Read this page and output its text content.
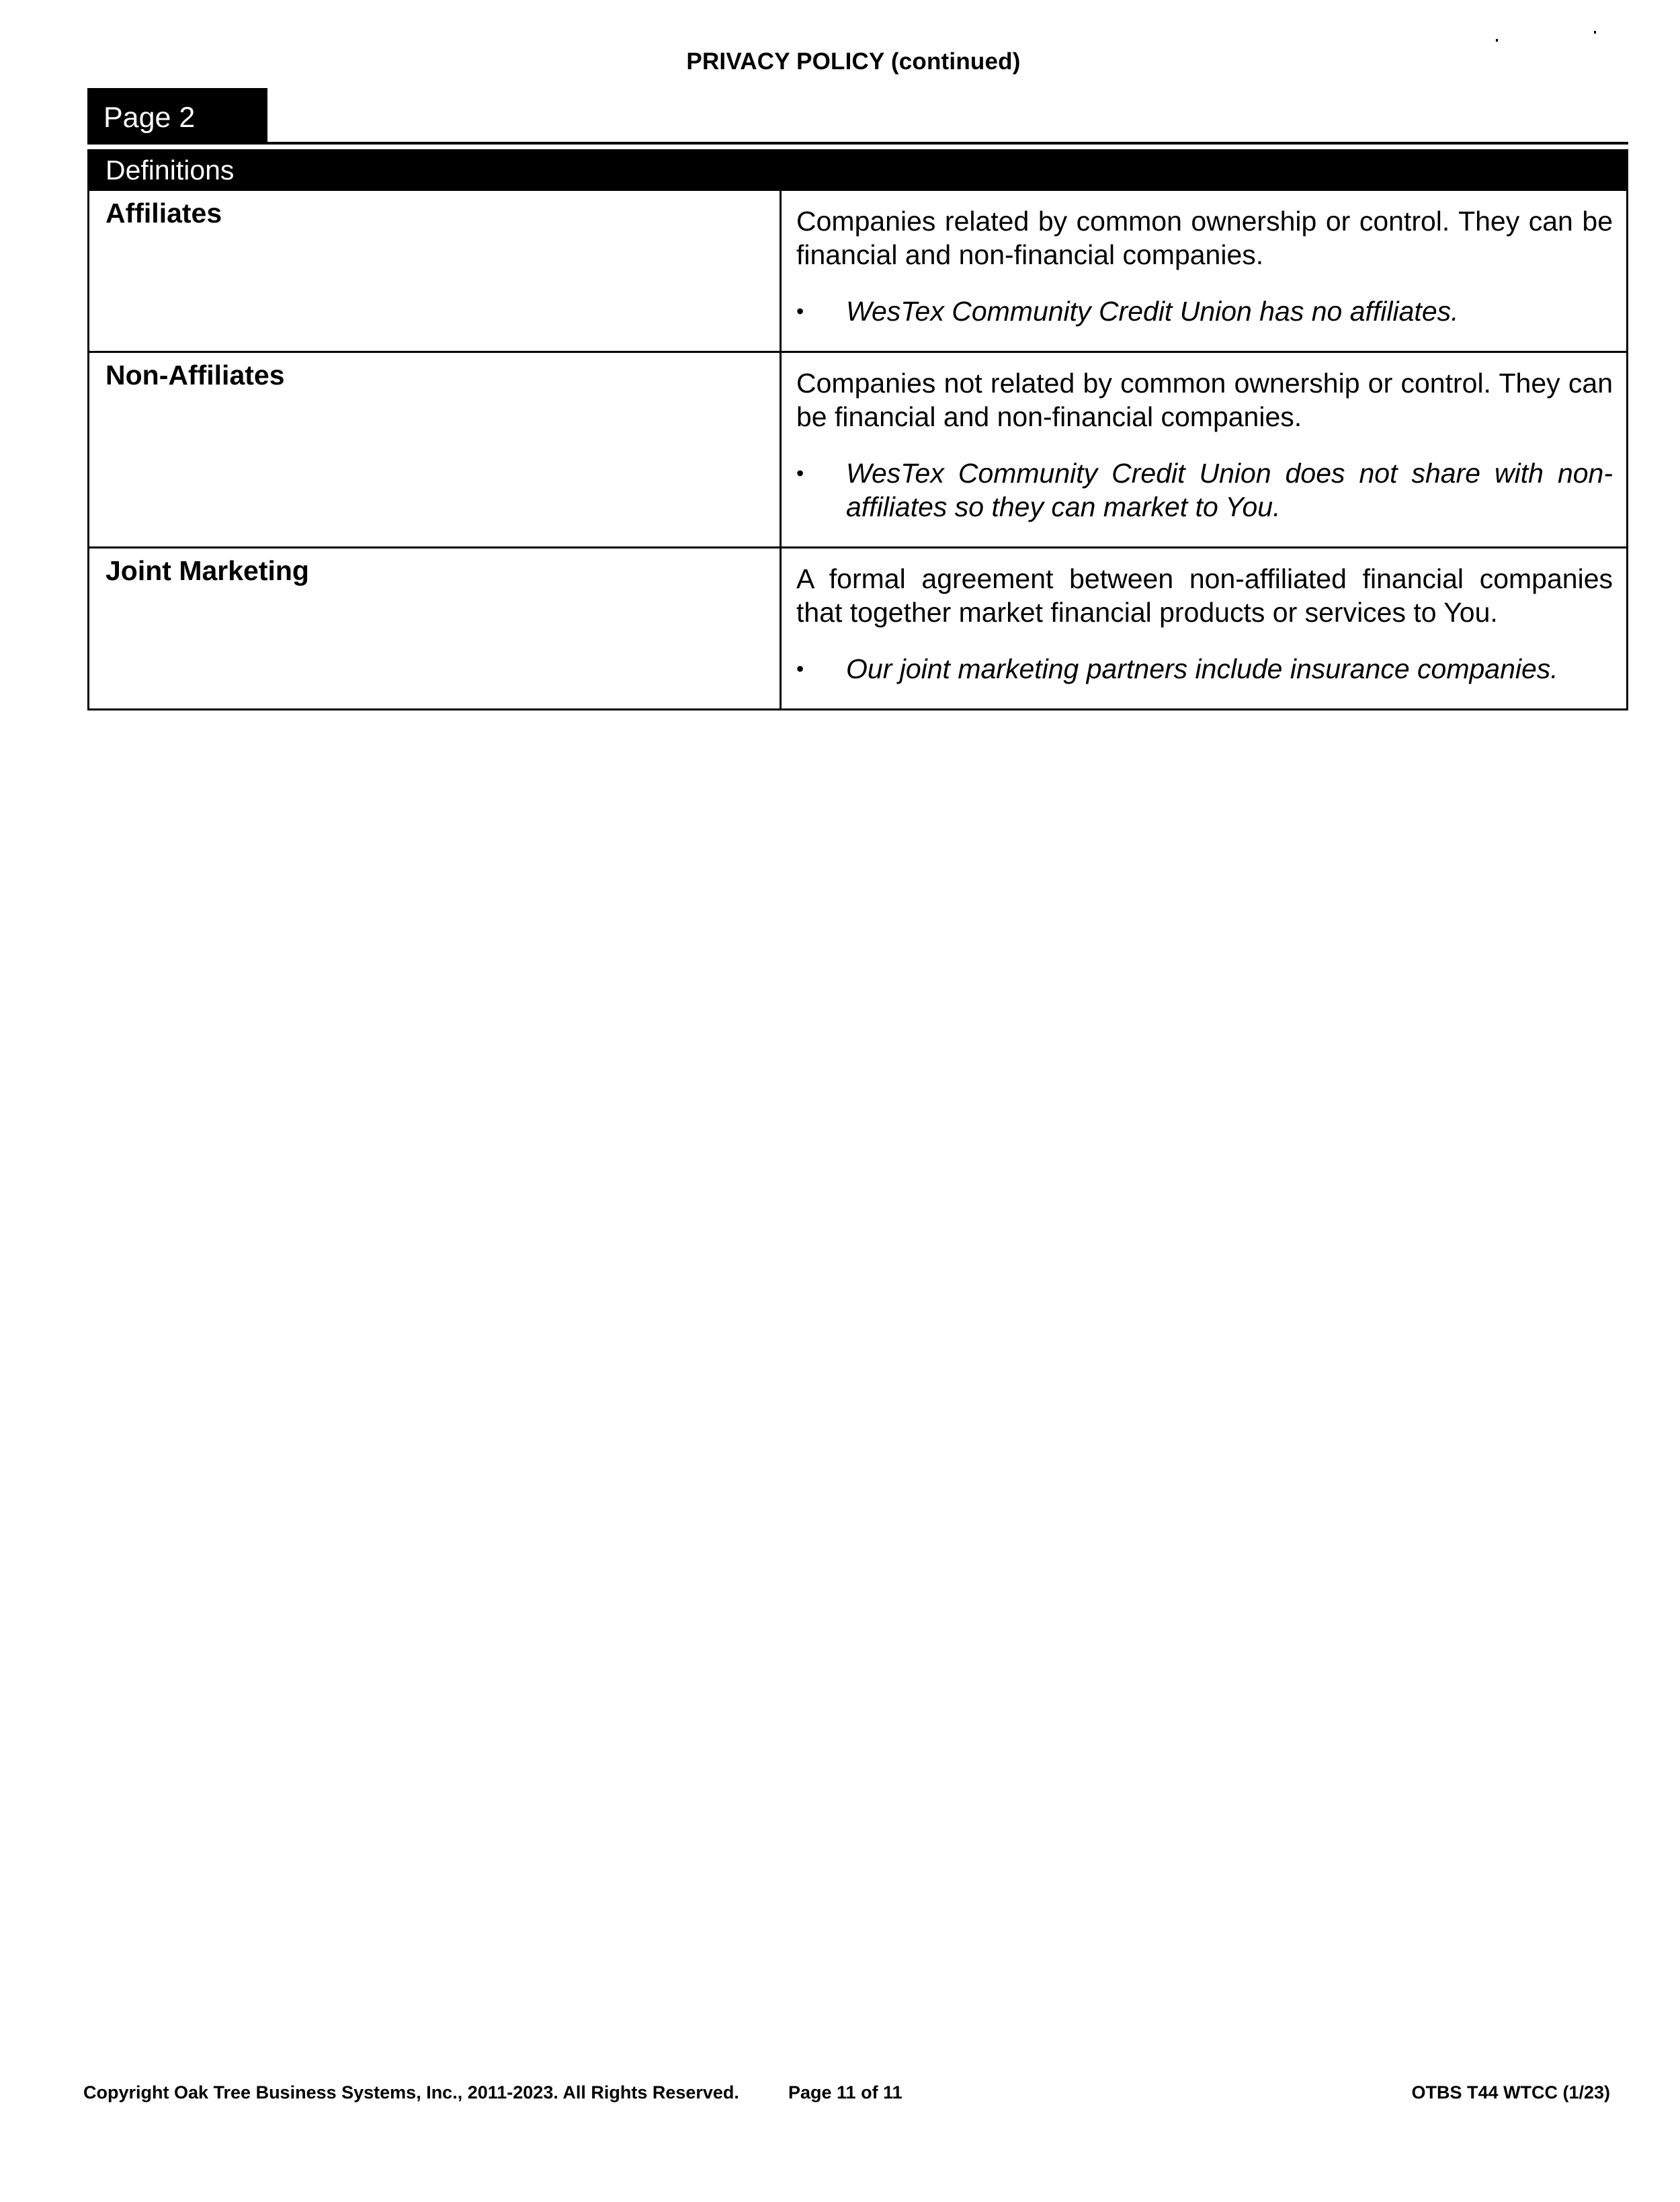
PRIVACY POLICY (continued)
Page 2
Definitions
Affiliates	Companies related by common ownership or control. They can be financial and non-financial companies.
•	WesTex Community Credit Union has no affiliates.
Non-Affiliates	Companies not related by common ownership or control. They can be financial and non-financial companies.
•	WesTex Community Credit Union does not share with non-affiliates so they can market to You.
Joint Marketing	A formal agreement between non-affiliated financial companies that together market financial products or services to You.
•	Our joint marketing partners include insurance companies.
Copyright Oak Tree Business Systems, Inc., 2011-2023. All Rights Reserved.	Page 11 of 11	OTBS T44 WTCC (1/23)
